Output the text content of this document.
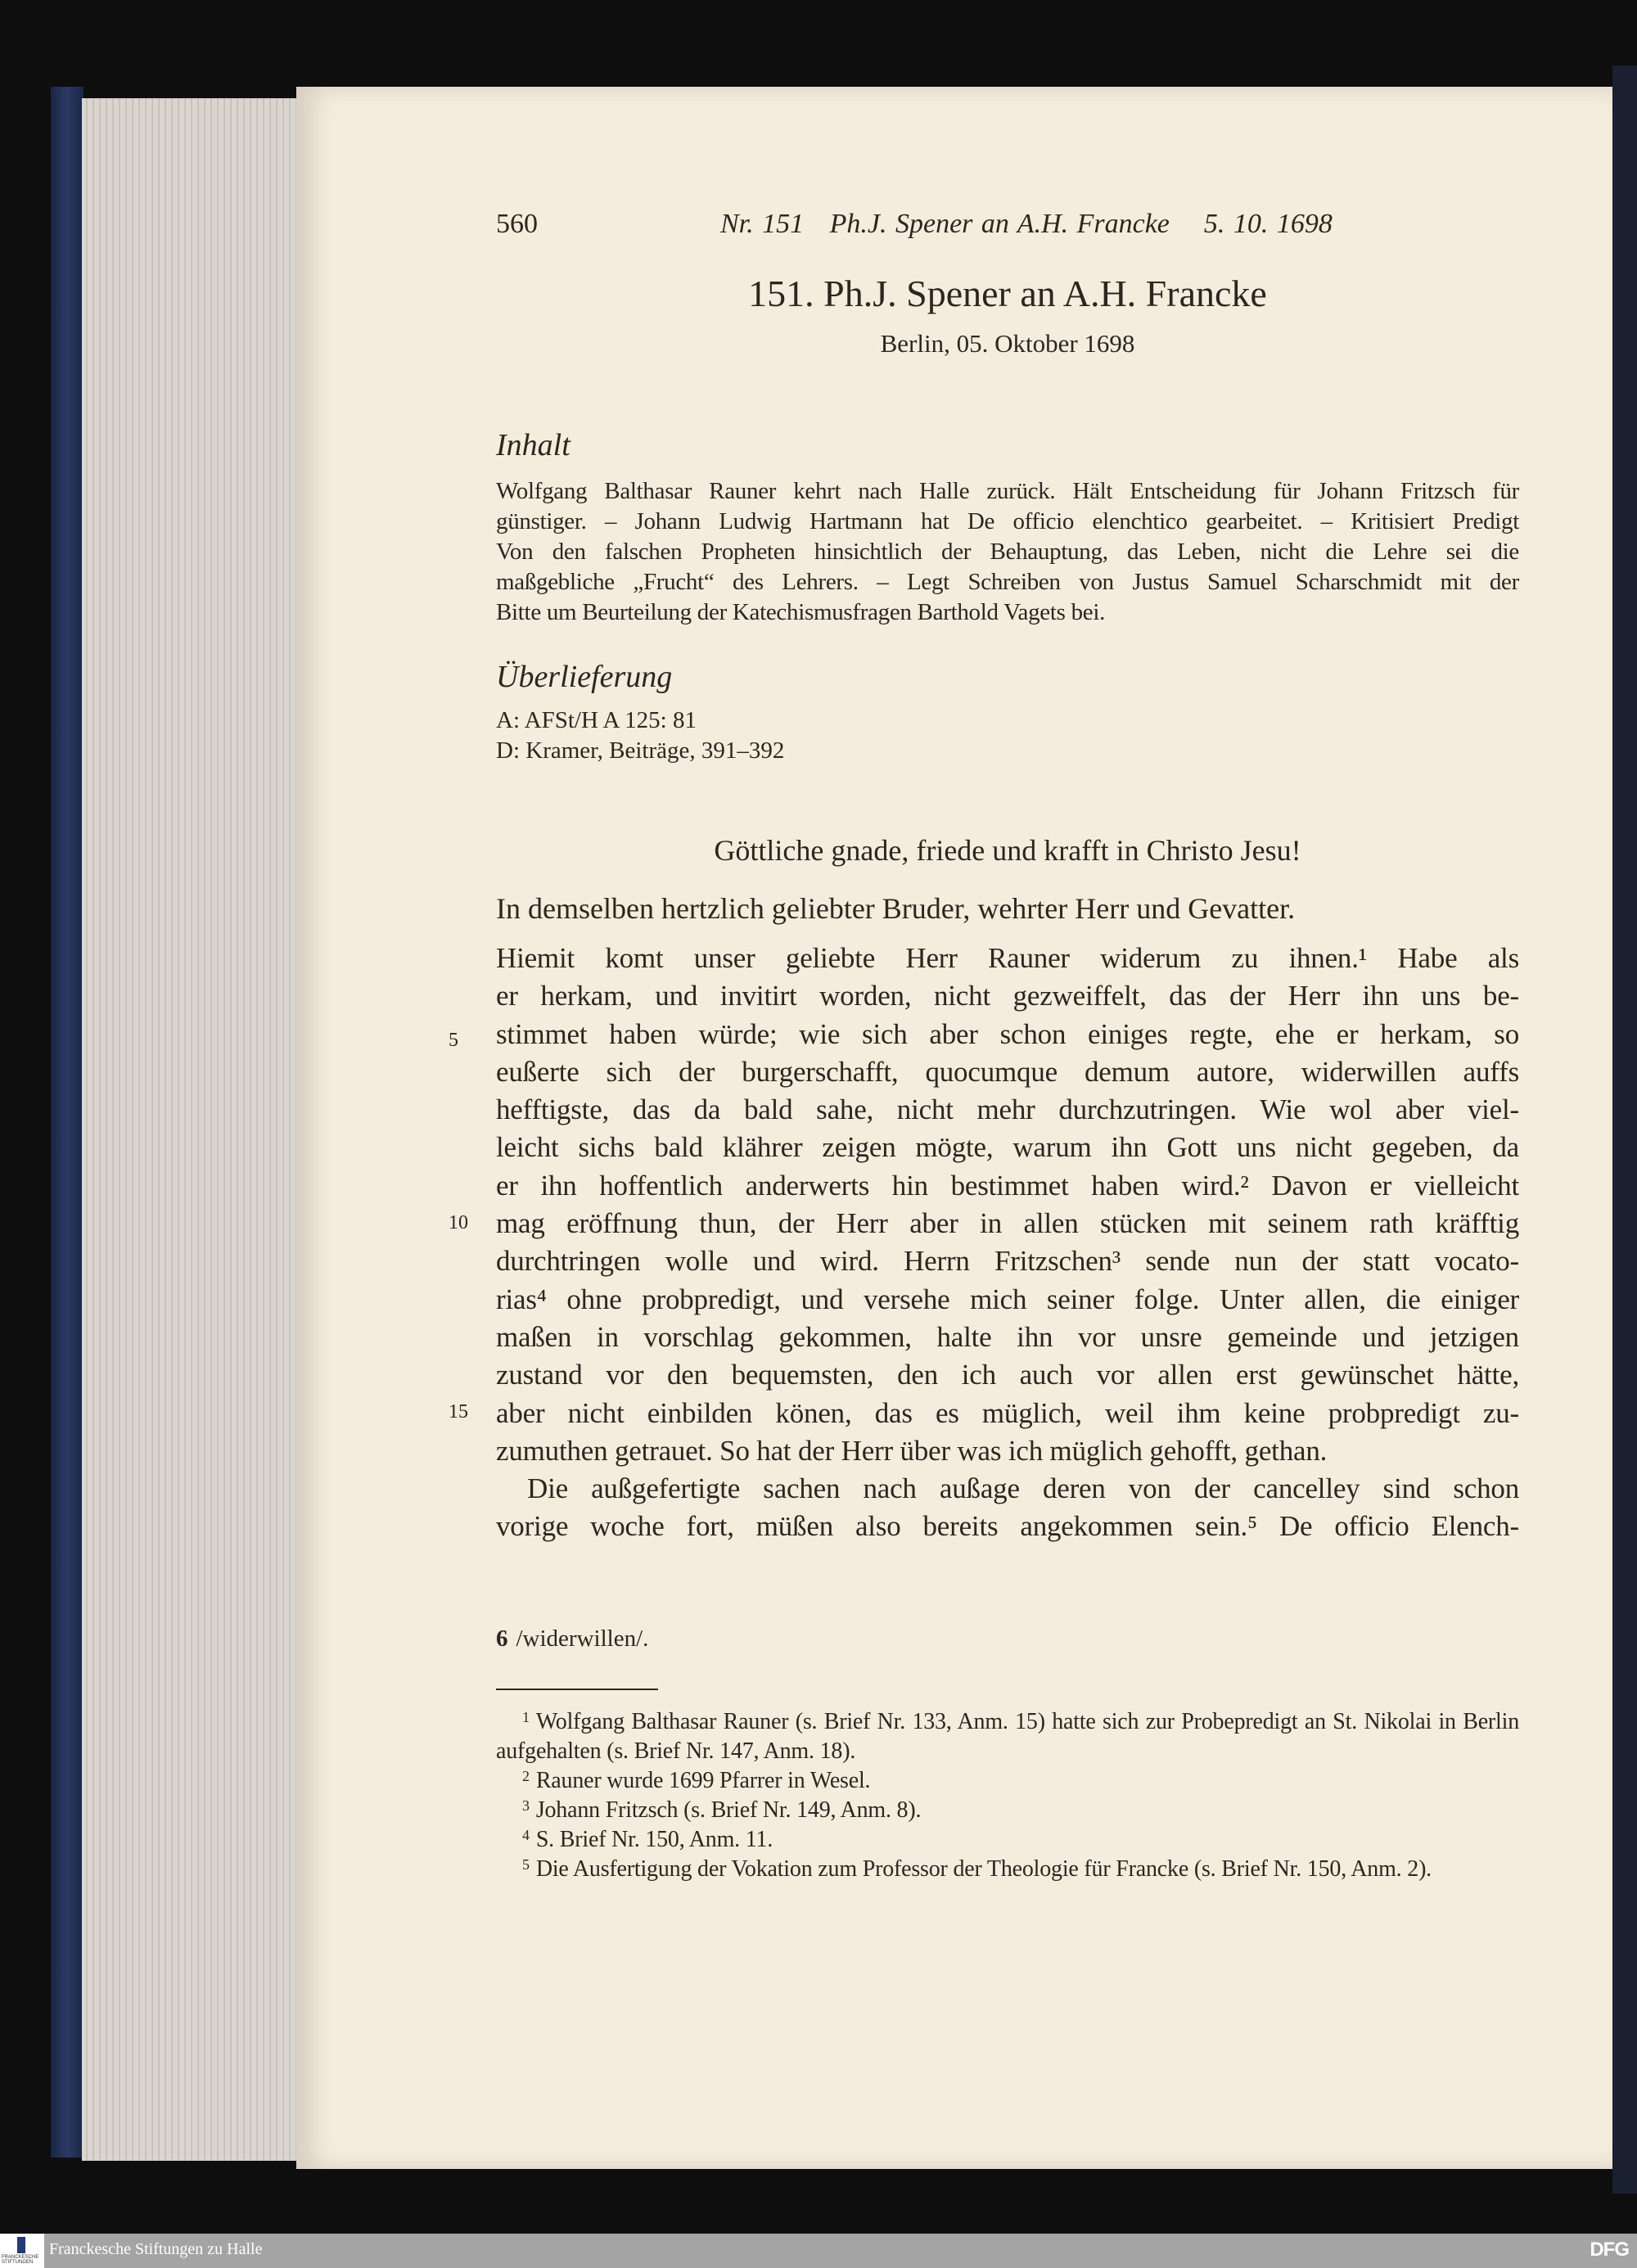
560	Nr. 151   Ph.J. Spener an A.H. Francke    5. 10. 1698
151. Ph.J. Spener an A.H. Francke
Berlin, 05. Oktober 1698
Inhalt
Wolfgang Balthasar Rauner kehrt nach Halle zurück. Hält Entscheidung für Johann Fritzsch für
günstiger. – Johann Ludwig Hartmann hat De officio elenchtico gearbeitet. – Kritisiert Predigt
Von den falschen Propheten hinsichtlich der Behauptung, das Leben, nicht die Lehre sei die
maßgebliche „Frucht“ des Lehrers. – Legt Schreiben von Justus Samuel Scharschmidt mit der
Bitte um Beurteilung der Katechismusfragen Barthold Vagets bei.
Überlieferung
A: AFSt/H A 125: 81
D: Kramer, Beiträge, 391–392
Göttliche gnade, friede und krafft in Christo Jesu!
In demselben hertzlich geliebter Bruder, wehrter Herr und Gevatter.
5
10
15
Hiemit komt unser geliebte Herr Rauner widerum zu ihnen.¹ Habe als
er herkam, und invitirt worden, nicht gezweiffelt, das der Herr ihn uns be-
stimmet haben würde; wie sich aber schon einiges regte, ehe er herkam, so
eußerte sich der burgerschafft, quocumque demum autore, widerwillen auffs
hefftigste, das da bald sahe, nicht mehr durchzutringen. Wie wol aber viel-
leicht sichs bald klährer zeigen mögte, warum ihn Gott uns nicht gegeben, da
er ihn hoffentlich anderwerts hin bestimmet haben wird.² Davon er vielleicht
mag eröffnung thun, der Herr aber in allen stücken mit seinem rath kräfftig
durchtringen wolle und wird. Herrn Fritzschen³ sende nun der statt vocato-
rias⁴ ohne probpredigt, und versehe mich seiner folge. Unter allen, die einiger
maßen in vorschlag gekommen, halte ihn vor unsre gemeinde und jetzigen
zustand vor den bequemsten, den ich auch vor allen erst gewünschet hätte,
aber nicht einbilden könen, das es müglich, weil ihm keine probpredigt zu-
zumuthen getrauet. So hat der Herr über was ich müglich gehofft, gethan.
Die außgefertigte sachen nach außage deren von der cancelley sind schon
vorige woche fort, müßen also bereits angekommen sein.⁵ De officio Elench-
6 /widerwillen/.
$^1$ Wolfgang Balthasar Rauner (s. Brief Nr. 133, Anm. 15) hatte sich zur Probepredigt an St. Nikolai in Berlin aufgehalten (s. Brief Nr. 147, Anm. 18).
$^2$ Rauner wurde 1699 Pfarrer in Wesel.
$^3$ Johann Fritzsch (s. Brief Nr. 149, Anm. 8).
$^4$ S. Brief Nr. 150, Anm. 11.
$^5$ Die Ausfertigung der Vokation zum Professor der Theologie für Francke (s. Brief Nr. 150, Anm. 2).
FRANCKESCHE STIFTUNGEN
Franckesche Stiftungen zu Halle	DFG
